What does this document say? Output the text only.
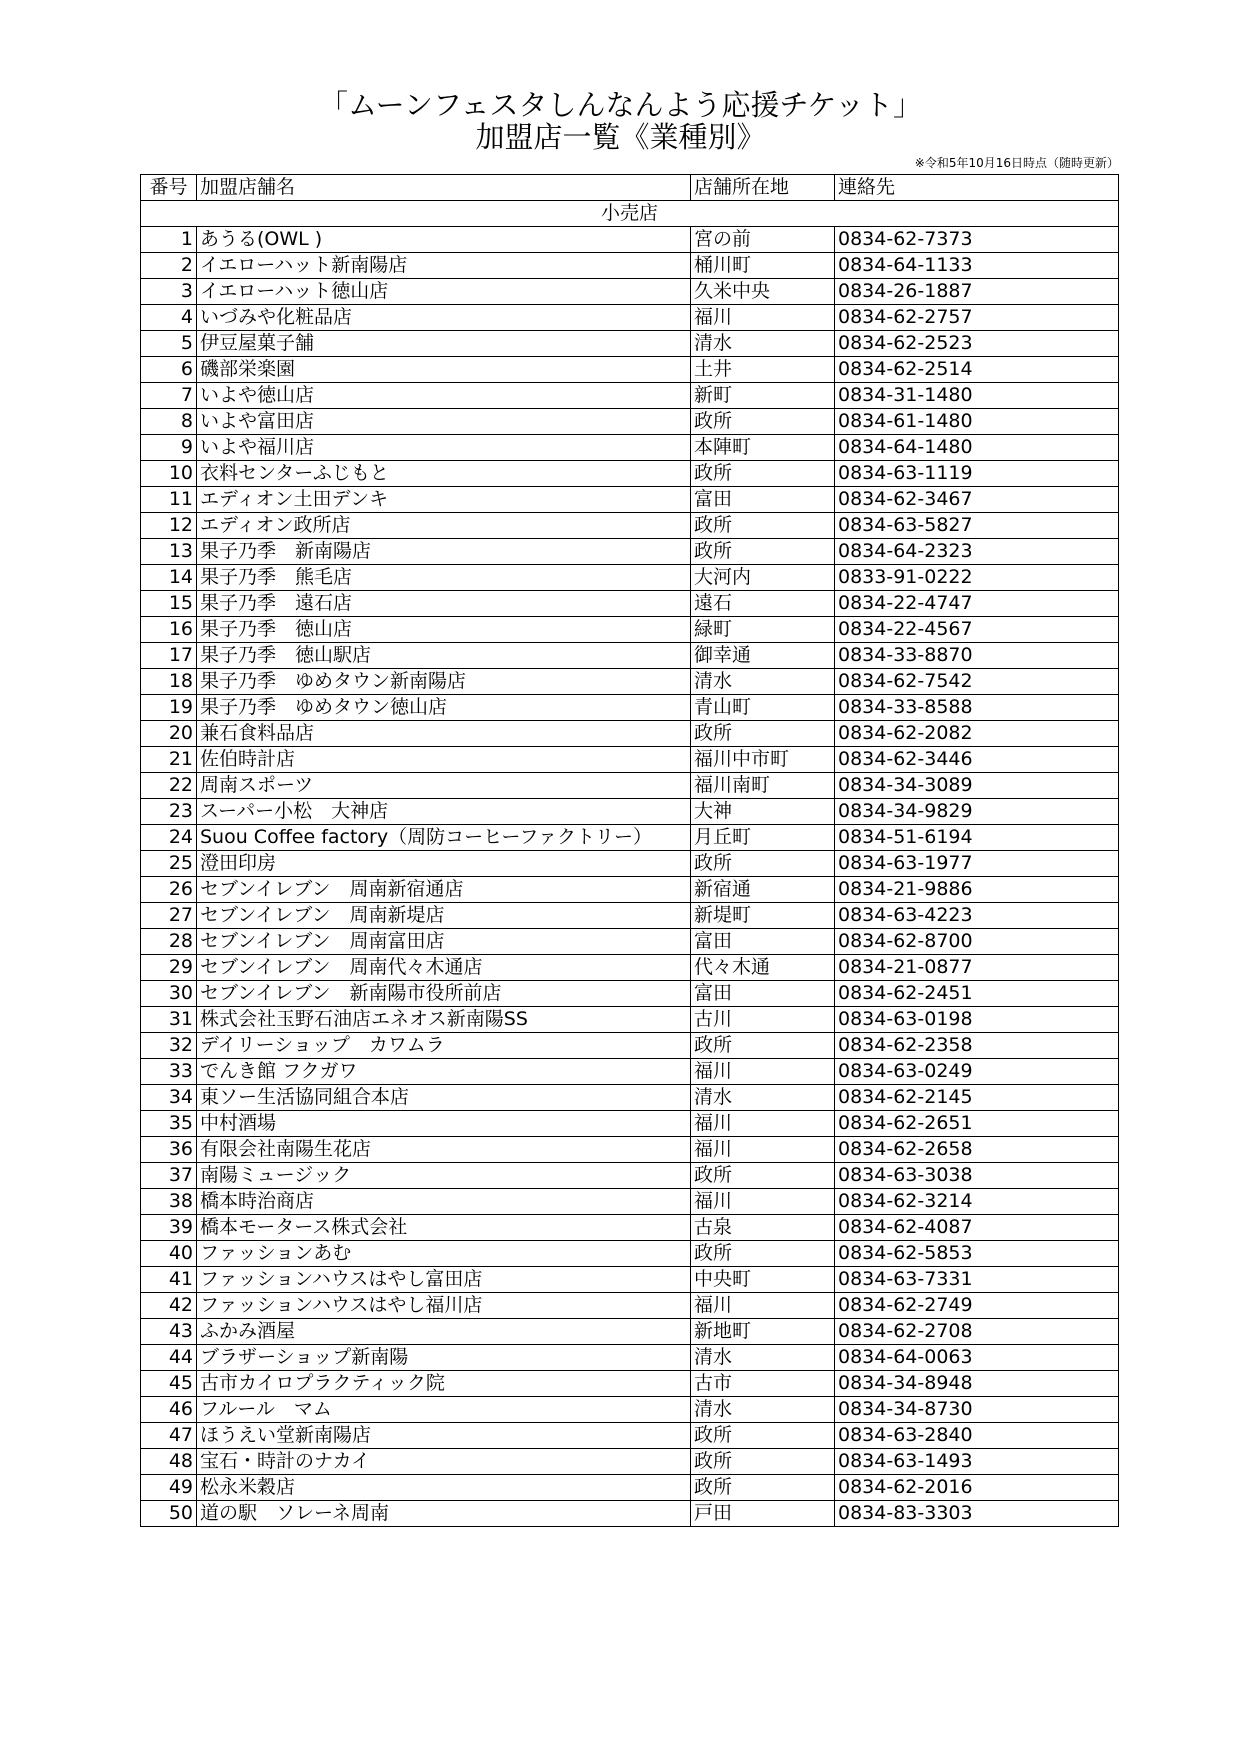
「ムーンフェスタしんなんよう応援チケット」
加盟店一覧《業種別》
※令和5年10月16日時点（随時更新）
番号	加盟店舗名	店舗所在地	連絡先
小売店			
1	あうる(OWL )	宮の前	0834-62-7373
2	イエローハット新南陽店	桶川町	0834-64-1133
3	イエローハット徳山店	久米中央	0834-26-1887
4	いづみや化粧品店	福川	0834-62-2757
5	伊豆屋菓子舗	清水	0834-62-2523
6	磯部栄楽園	土井	0834-62-2514
7	いよや徳山店	新町	0834-31-1480
8	いよや富田店	政所	0834-61-1480
9	いよや福川店	本陣町	0834-64-1480
10	衣料センターふじもと	政所	0834-63-1119
11	エディオン土田デンキ	富田	0834-62-3467
12	エディオン政所店	政所	0834-63-5827
13	果子乃季　新南陽店	政所	0834-64-2323
14	果子乃季　熊毛店	大河内	0833-91-0222
15	果子乃季　遠石店	遠石	0834-22-4747
16	果子乃季　徳山店	緑町	0834-22-4567
17	果子乃季　徳山駅店	御幸通	0834-33-8870
18	果子乃季　ゆめタウン新南陽店	清水	0834-62-7542
19	果子乃季　ゆめタウン徳山店	青山町	0834-33-8588
20	兼石食料品店	政所	0834-62-2082
21	佐伯時計店	福川中市町	0834-62-3446
22	周南スポーツ	福川南町	0834-34-3089
23	スーパー小松　大神店	大神	0834-34-9829
24	Suou Coffee factory（周防コーヒーファクトリー）	月丘町	0834-51-6194
25	澄田印房	政所	0834-63-1977
26	セブンイレブン　周南新宿通店	新宿通	0834-21-9886
27	セブンイレブン　周南新堤店	新堤町	0834-63-4223
28	セブンイレブン　周南富田店	富田	0834-62-8700
29	セブンイレブン　周南代々木通店	代々木通	0834-21-0877
30	セブンイレブン　新南陽市役所前店	富田	0834-62-2451
31	株式会社玉野石油店エネオス新南陽SS	古川	0834-63-0198
32	デイリーショップ　カワムラ	政所	0834-62-2358
33	でんき館 フクガワ	福川	0834-63-0249
34	東ソー生活協同組合本店	清水	0834-62-2145
35	中村酒場	福川	0834-62-2651
36	有限会社南陽生花店	福川	0834-62-2658
37	南陽ミュージック	政所	0834-63-3038
38	橋本時治商店	福川	0834-62-3214
39	橋本モータース株式会社	古泉	0834-62-4087
40	ファッションあむ	政所	0834-62-5853
41	ファッションハウスはやし富田店	中央町	0834-63-7331
42	ファッションハウスはやし福川店	福川	0834-62-2749
43	ふかみ酒屋	新地町	0834-62-2708
44	ブラザーショップ新南陽	清水	0834-64-0063
45	古市カイロプラクティック院	古市	0834-34-8948
46	フルール　マム	清水	0834-34-8730
47	ほうえい堂新南陽店	政所	0834-63-2840
48	宝石・時計のナカイ	政所	0834-63-1493
49	松永米穀店	政所	0834-62-2016
50	道の駅　ソレーネ周南	戸田	0834-83-3303
